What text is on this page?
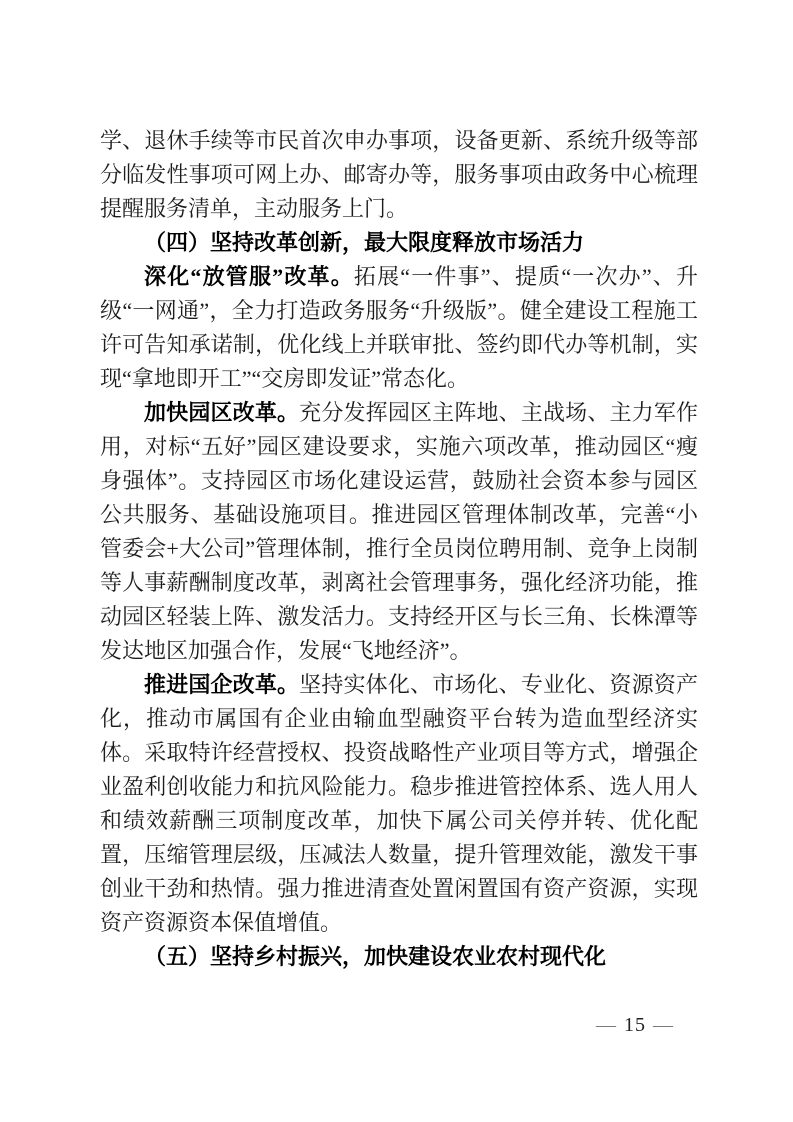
学、退休手续等市民首次申办事项，设备更新、系统升级等部分临发性事项可网上办、邮寄办等，服务事项由政务中心梳理提醒服务清单，主动服务上门。

（四）坚持改革创新，最大限度释放市场活力

深化“放管服”改革。拓展“一件事”、提质“一次办”、升级“一网通”，全力打造政务服务“升级版”。健全建设工程施工许可告知承诺制，优化线上并联审批、签约即代办等机制，实现“拿地即开工”“交房即发证”常态化。

加快园区改革。充分发挥园区主阵地、主战场、主力军作用，对标“五好”园区建设要求，实施六项改革，推动园区“瘦身强体”。支持园区市场化建设运营，鼓励社会资本参与园区公共服务、基础设施项目。推进园区管理体制改革，完善“小管委会+大公司”管理体制，推行全员岗位聘用制、竞争上岗制等人事薪酬制度改革，剥离社会管理事务，强化经济功能，推动园区轻装上阵、激发活力。支持经开区与长三角、长株潭等发达地区加强合作，发展“飞地经济”。

推进国企改革。坚持实体化、市场化、专业化、资源资产化，推动市属国有企业由输血型融资平台转为造血型经济实体。采取特许经营授权、投资战略性产业项目等方式，增强企业盈利创收能力和抗风险能力。稳步推进管控体系、选人用人和绩效薪酬三项制度改革，加快下属公司关停并转、优化配置，压缩管理层级，压减法人数量，提升管理效能，激发干事创业干劲和热情。强力推进清查处置闲置国有资产资源，实现资产资源资本保值增值。

（五）坚持乡村振兴，加快建设农业农村现代化

— 15 —
